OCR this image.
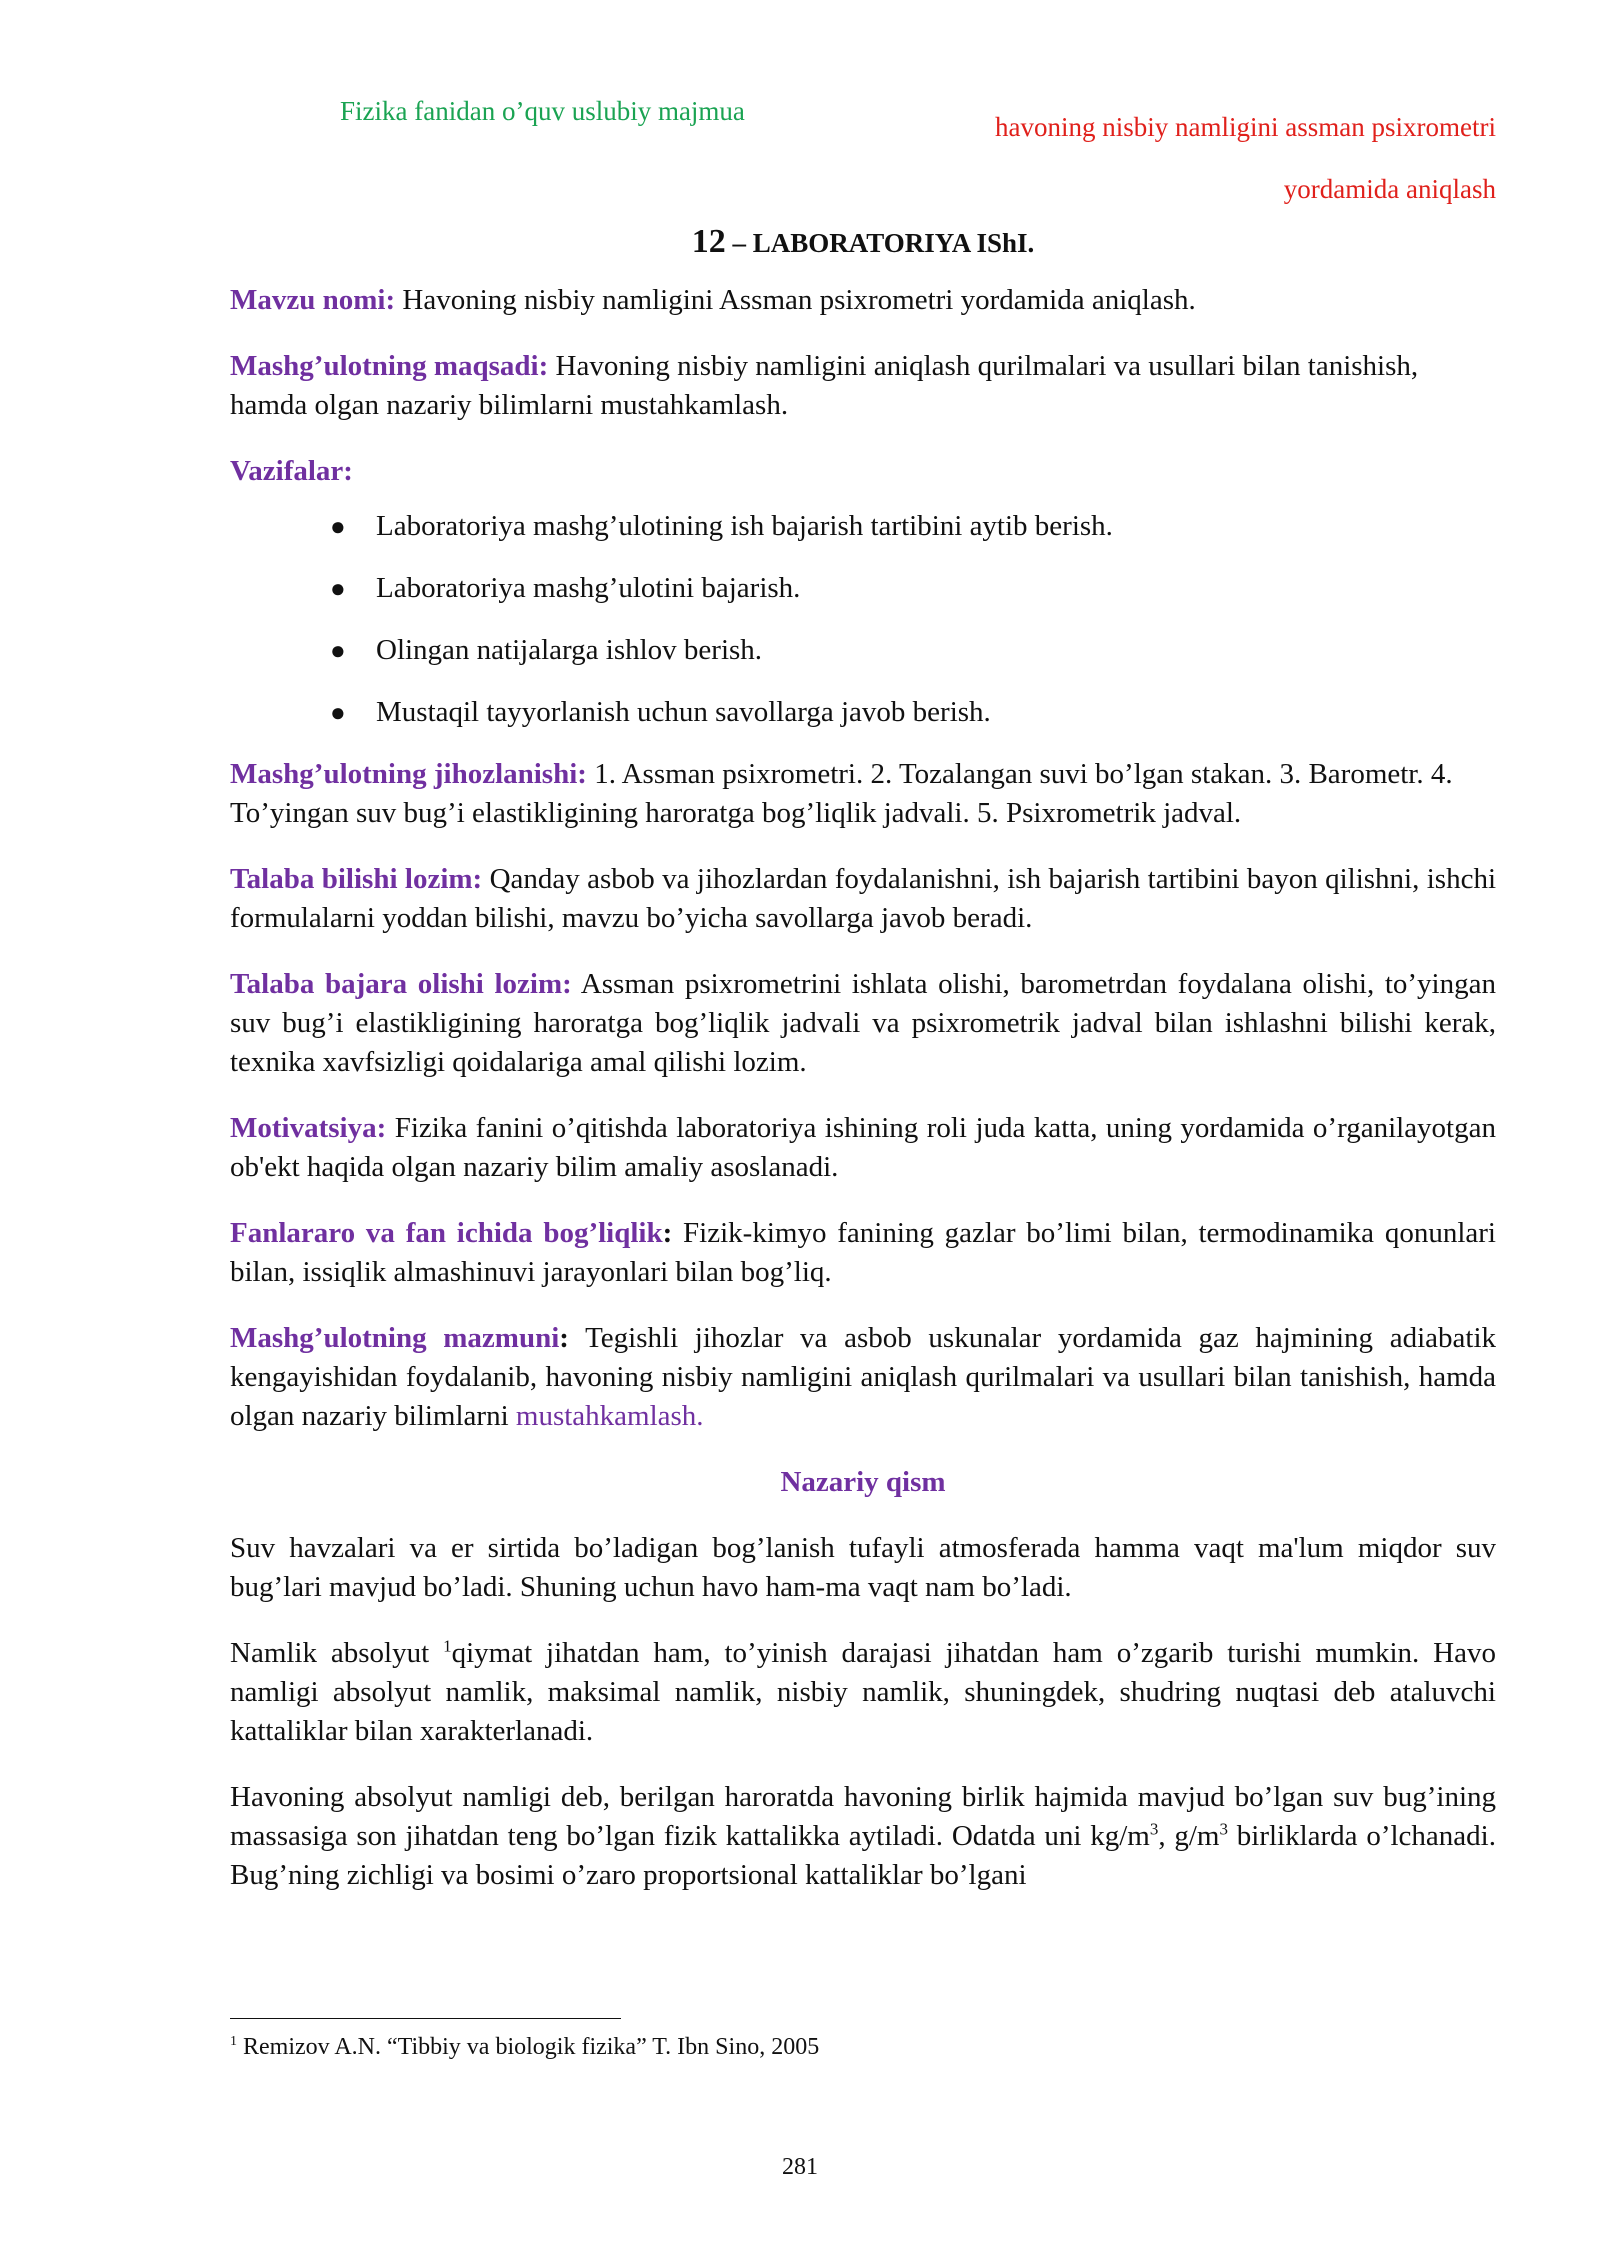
Fizika fanidan o’quv uslubiy majmua
havoning nisbiy namligini assman psixrometri
yordamida aniqlash
12 – LABORATORIYA IShI.

Mavzu nomi: Havoning nisbiy namligini Assman psixrometri yordamida aniqlash.

Mashg’ulotning maqsadi: Havoning nisbiy namligini aniqlash qurilmalari va usullari bilan tanishish, hamda olgan nazariy bilimlarni mustahkamlash.

Vazifalar:

● Laboratoriya mashg’ulotining ish bajarish tartibini aytib berish.
● Laboratoriya mashg’ulotini bajarish.
● Olingan natijalarga ishlov berish.
● Mustaqil tayyorlanish uchun savollarga javob berish.

Mashg’ulotning jihozlanishi: 1. Assman psixrometri. 2. Tozalangan suvi bo’lgan stakan. 3. Barometr. 4. To’yingan suv bug’i elastikligining haroratga bog’liqlik jadvali. 5. Psixrometrik jadval.

Talaba bilishi lozim: Qanday asbob va jihozlardan foydalanishni, ish bajarish tartibini bayon qilishni, ishchi formulalarni yoddan bilishi, mavzu bo’yicha savollarga javob beradi.

Talaba bajara olishi lozim: Assman psixrometrini ishlata olishi, barometrdan foydalana olishi, to’yingan suv bug’i elastikligining haroratga bog’liqlik jadvali va psixrometrik jadval bilan ishlashni bilishi kerak, texnika xavfsizligi qoidalariga amal qilishi lozim.

Motivatsiya: Fizika fanini o’qitishda laboratoriya ishining roli juda katta, uning yordamida o’rganilayotgan ob'ekt haqida olgan nazariy bilim amaliy asoslanadi.

Fanlararo va fan ichida bog’liqlik: Fizik-kimyo fanining gazlar bo’limi bilan, termodinamika qonunlari bilan, issiqlik almashinuvi jarayonlari bilan bog’liq.

Mashg’ulotning mazmuni: Tegishli jihozlar va asbob uskunalar yordamida gaz hajmining adiabatik kengayishidan foydalanib, havoning nisbiy namligini aniqlash qurilmalari va usullari bilan tanishish, hamda olgan nazariy bilimlarni mustahkamlash.

Nazariy qism

Suv havzalari va er sirtida bo’ladigan bog’lanish tufayli atmosferada hamma vaqt ma'lum miqdor suv bug’lari mavjud bo’ladi. Shuning uchun havo ham-ma vaqt nam bo’ladi.

Namlik absolyut $^1$qiymat jihatdan ham, to’yinish darajasi jihatdan ham o’zgarib turishi mumkin. Havo namligi absolyut namlik, maksimal namlik, nisbiy namlik, shuningdek, shudring nuqtasi deb ataluvchi kattaliklar bilan xarakterlanadi.

Havoning absolyut namligi deb, berilgan haroratda havoning birlik hajmida mavjud bo’lgan suv bug’ining massasiga son jihatdan teng bo’lgan fizik kattalikka aytiladi. Odatda uni $kg/m^3$, $g/m^3$ birliklarda o’lchanadi. Bug’ning zichligi va bosimi o’zaro proportsional kattaliklar bo’lgani

$^1$ Remizov A.N. “Tibbiy va biologik fizika” T. Ibn Sino, 2005
281
